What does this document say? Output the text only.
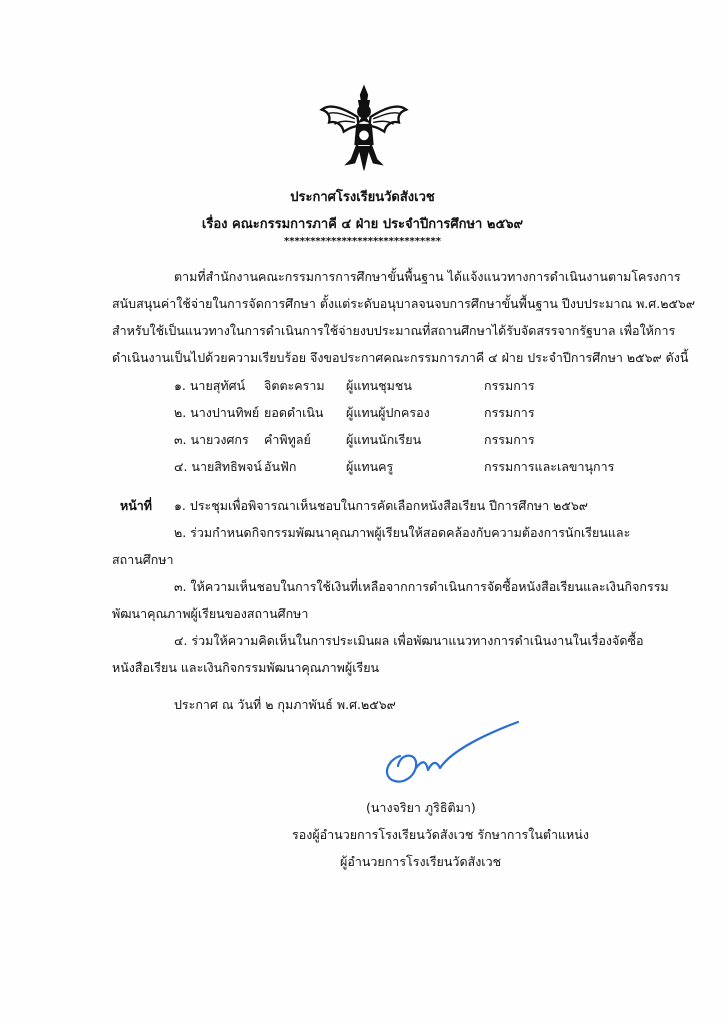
ประกาศโรงเรียนวัดสังเวช
เรื่อง คณะกรรมการภาคี ๔ ฝ่าย ประจำปีการศึกษา ๒๕๖๙
******************************
ตามที่สำนักงานคณะกรรมการการศึกษาขั้นพื้นฐาน ได้แจ้งแนวทางการดำเนินงานตามโครงการ
สนับสนุนค่าใช้จ่ายในการจัดการศึกษา ตั้งแต่ระดับอนุบาลจนจบการศึกษาขั้นพื้นฐาน ปีงบประมาณ พ.ศ.๒๕๖๙
สำหรับใช้เป็นแนวทางในการดำเนินการใช้จ่ายงบประมาณที่สถานศึกษาได้รับจัดสรรจากรัฐบาล เพื่อให้การ
ดำเนินงานเป็นไปด้วยความเรียบร้อย จึงขอประกาศคณะกรรมการภาคี ๔ ฝ่าย ประจำปีการศึกษา ๒๕๖๙ ดังนี้
๑. นายสุทัศน์ จิตตะคราม ผู้แทนชุมชน	กรรมการ
๒. นางปานทิพย์ ยอดดำเนิน ผู้แทนผู้ปกครอง	กรรมการ
๓. นายวงศกร คำพิทูลย์	ผู้แทนนักเรียน	กรรมการ
๔. นายสิทธิพจน์ อันฟัก	ผู้แทนครู	กรรมการและเลขานุการ
หน้าที่ ๑. ประชุมเพื่อพิจารณาเห็นชอบในการคัดเลือกหนังสือเรียน ปีการศึกษา ๒๕๖๙
๒. ร่วมกำหนดกิจกรรมพัฒนาคุณภาพผู้เรียนให้สอดคล้องกับความต้องการนักเรียนและ
สถานศึกษา
๓. ให้ความเห็นชอบในการใช้เงินที่เหลือจากการดำเนินการจัดซื้อหนังสือเรียนและเงินกิจกรรม
พัฒนาคุณภาพผู้เรียนของสถานศึกษา
๔. ร่วมให้ความคิดเห็นในการประเมินผล เพื่อพัฒนาแนวทางการดำเนินงานในเรื่องจัดซื้อ
หนังสือเรียน และเงินกิจกรรมพัฒนาคุณภาพผู้เรียน
ประกาศ ณ วันที่ ๒ กุมภาพันธ์ พ.ศ.๒๕๖๙
(นางจริยา ภูริธิติมา)
รองผู้อำนวยการโรงเรียนวัดสังเวช รักษาการในตำแหน่ง
ผู้อำนวยการโรงเรียนวัดสังเวช
